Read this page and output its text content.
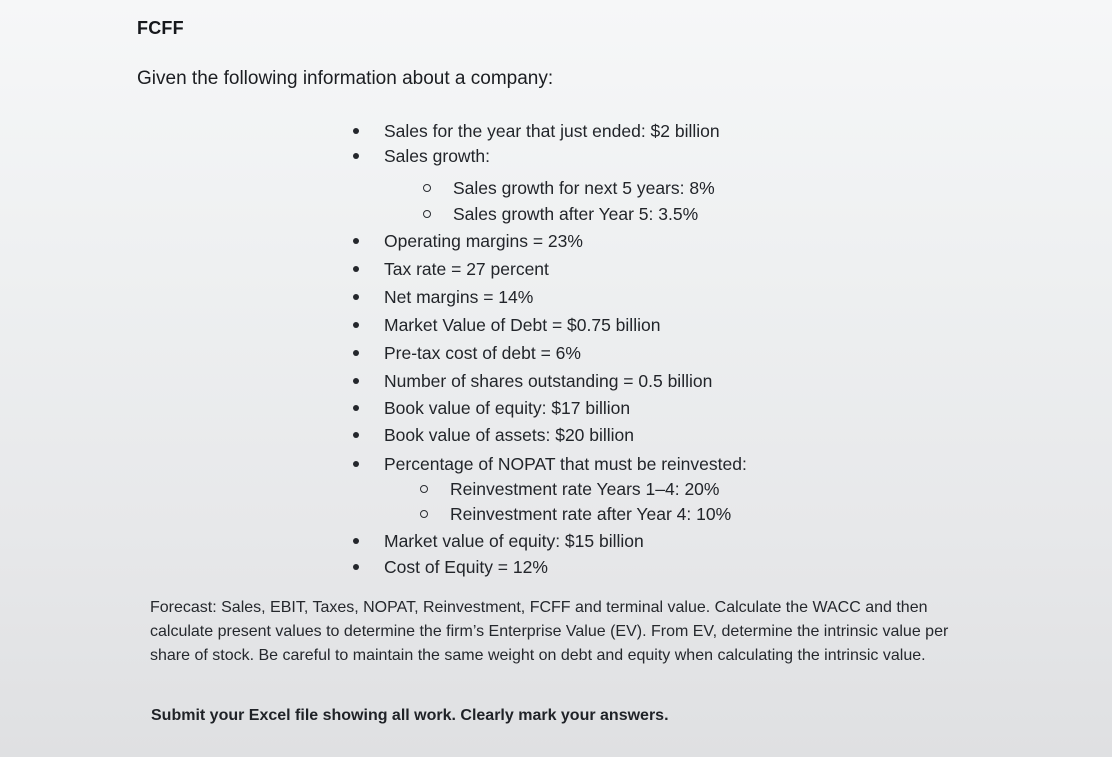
FCFF
Given the following information about a company:
Sales for the year that just ended: $2 billion
Sales growth:
Sales growth for next 5 years: 8%
Sales growth after Year 5: 3.5%
Operating margins = 23%
Tax rate = 27 percent
Net margins = 14%
Market Value of Debt = $0.75 billion
Pre-tax cost of debt = 6%
Number of shares outstanding = 0.5 billion
Book value of equity: $17 billion
Book value of assets: $20 billion
Percentage of NOPAT that must be reinvested:
Reinvestment rate Years 1–4: 20%
Reinvestment rate after Year 4: 10%
Market value of equity: $15 billion
Cost of Equity = 12%
Forecast: Sales, EBIT, Taxes, NOPAT, Reinvestment, FCFF and terminal value. Calculate the WACC and then calculate present values to determine the firm’s Enterprise Value (EV). From EV, determine the intrinsic value per share of stock. Be careful to maintain the same weight on debt and equity when calculating the intrinsic value.
Submit your Excel file showing all work. Clearly mark your answers.
